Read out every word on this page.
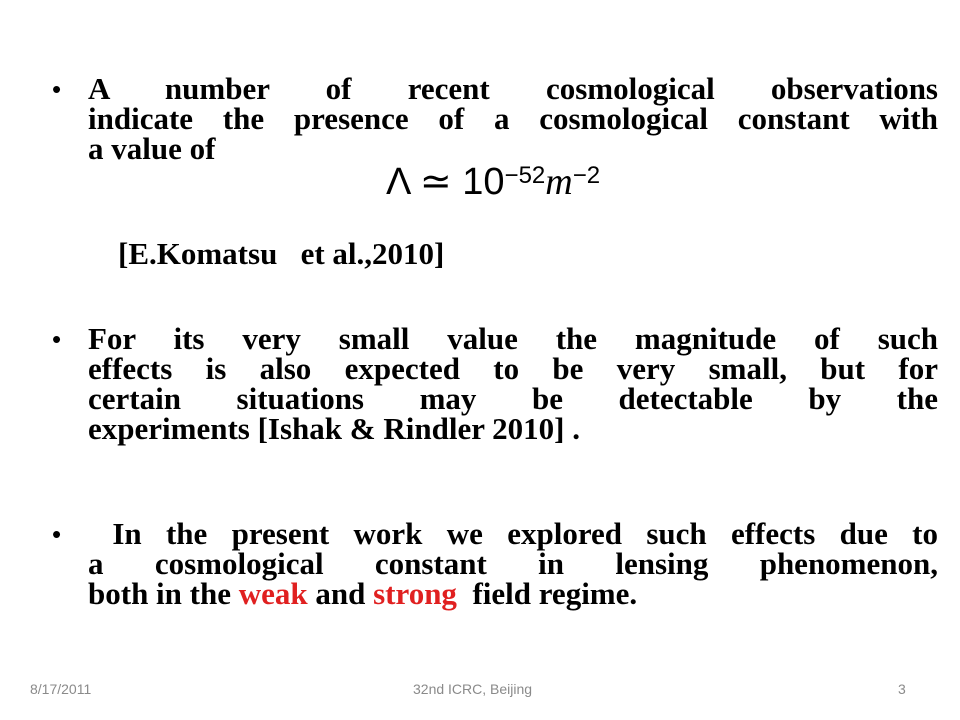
• A number of recent cosmological observations
indicate the presence of a cosmological constant with
a value of

Λ ≃ $10^{-52}m^{-2}$
[E.Komatsu   et al.,2010]
• For its very small value the magnitude of such
effects is also expected to be very small, but for
certain situations may be detectable by the
experiments [Ishak & Rindler 2010] .

• In the present work we explored such effects due to
a cosmological constant in lensing phenomenon,
both in the weak and strong  field regime.

8/17/2011	32nd ICRC, Beijing	3
